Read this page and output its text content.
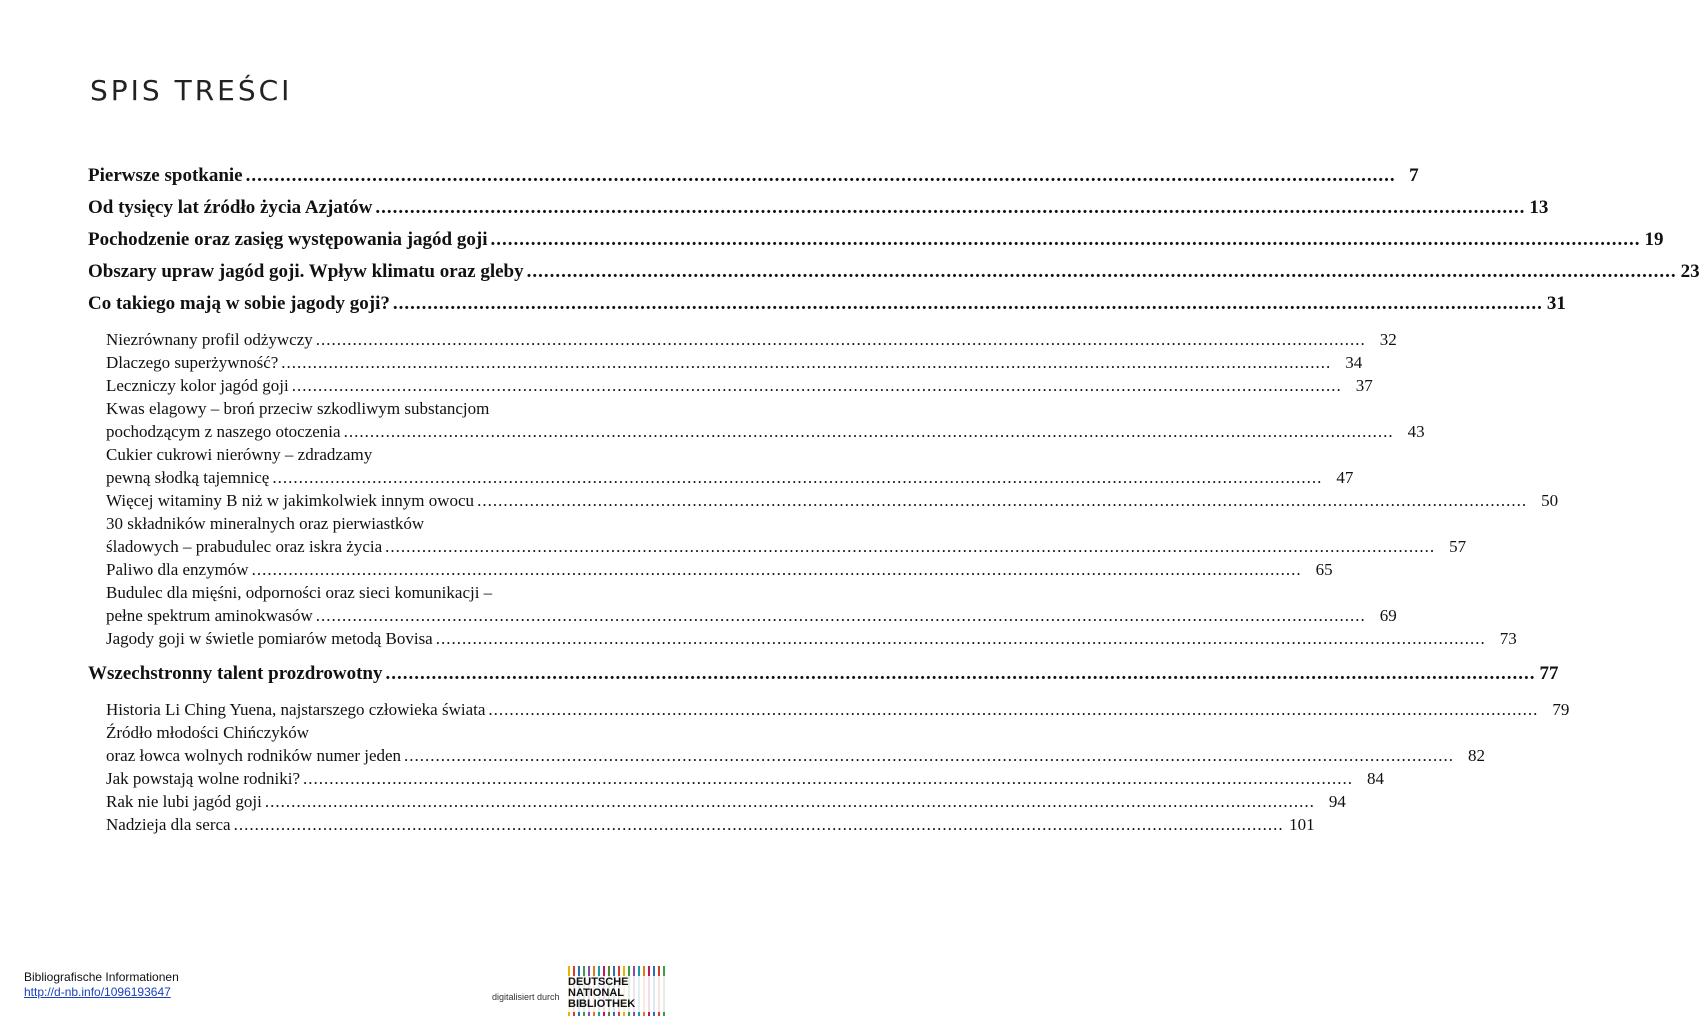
SPIS TREŚCI
Pierwsze spotkanie ........................................................................................................................................................................................................ 7
Od tysięcy lat źródło życia Azjatów ........................................................................................................................................................................................................ 13
Pochodzenie oraz zasięg występowania jagód goji ........................................................................................................................................................................................................ 19
Obszary upraw jagód goji. Wpływ klimatu oraz gleby ........................................................................................................................................................................................................ 23
Co takiego mają w sobie jagody goji? ........................................................................................................................................................................................................ 31
Niezrównany profil odżywczy ........................................................................................................................................................................................................ 32
Dlaczego superżywność? ........................................................................................................................................................................................................ 34
Leczniczy kolor jagód goji ........................................................................................................................................................................................................ 37
Kwas elagowy – broń przeciw szkodliwym substancjom
pochodzącym z naszego otoczenia ........................................................................................................................................................................................................ 43
Cukier cukrowi nierówny – zdradzamy
pewną słodką tajemnicę ........................................................................................................................................................................................................ 47
Więcej witaminy B niż w jakimkolwiek innym owocu ........................................................................................................................................................................................................ 50
30 składników mineralnych oraz pierwiastków
śladowych – prabudulec oraz iskra życia ........................................................................................................................................................................................................ 57
Paliwo dla enzymów ........................................................................................................................................................................................................ 65
Budulec dla mięśni, odporności oraz sieci komunikacji –
pełne spektrum aminokwasów ........................................................................................................................................................................................................ 69
Jagody goji w świetle pomiarów metodą Bovisa ........................................................................................................................................................................................................ 73
Wszechstronny talent prozdrowotny ........................................................................................................................................................................................................ 77
Historia Li Ching Yuena, najstarszego człowieka świata ........................................................................................................................................................................................................ 79
Źródło młodości Chińczyków
oraz łowca wolnych rodników numer jeden ........................................................................................................................................................................................................ 82
Jak powstają wolne rodniki? ........................................................................................................................................................................................................ 84
Rak nie lubi jagód goji ........................................................................................................................................................................................................ 94
Nadzieja dla serca ........................................................................................................................................................................................................ 101
Bibliografische Informationen
http://d-nb.info/1096193647	digitalisiert durch
DEUTSCHE
NATIONAL
BIBLIOTHEK
